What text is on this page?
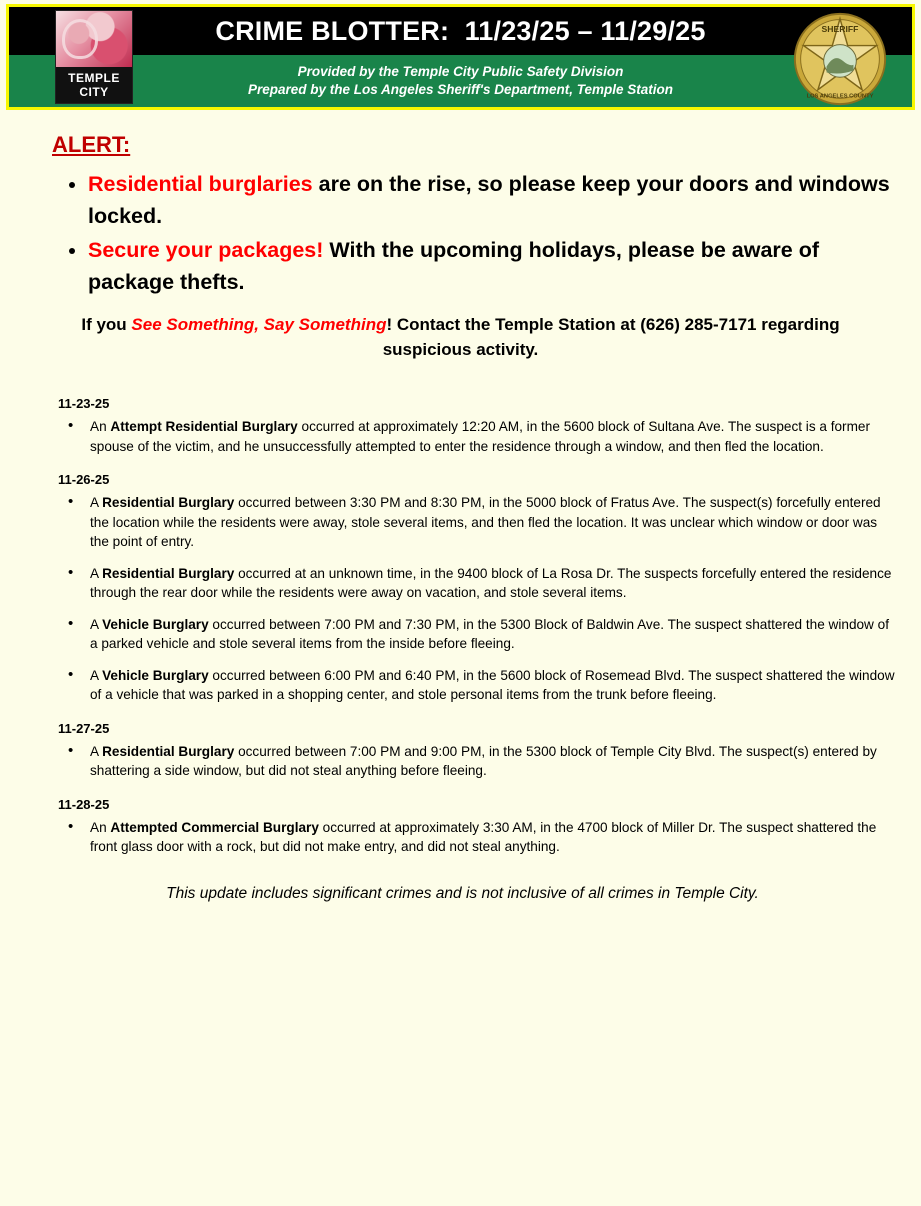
CRIME BLOTTER:  11/23/25 – 11/29/25
Provided by the Temple City Public Safety Division
Prepared by the Los Angeles Sheriff's Department, Temple Station
TEMPLE
CITY
SHERIFF
LOS ANGELES COUNTY
ALERT:
• Residential burglaries are on the rise, so please keep your doors and windows locked.
• Secure your packages! With the upcoming holidays, please be aware of package thefts.
If you See Something, Say Something! Contact the Temple Station at (626) 285-7171 regarding suspicious activity.
11-23-25
• An Attempt Residential Burglary occurred at approximately 12:20 AM, in the 5600 block of Sultana Ave. The suspect is a former spouse of the victim, and he unsuccessfully attempted to enter the residence through a window, and then fled the location.
11-26-25
• A Residential Burglary occurred between 3:30 PM and 8:30 PM, in the 5000 block of Fratus Ave. The suspect(s) forcefully entered the location while the residents were away, stole several items, and then fled the location. It was unclear which window or door was the point of entry.
• A Residential Burglary occurred at an unknown time, in the 9400 block of La Rosa Dr. The suspects forcefully entered the residence through the rear door while the residents were away on vacation, and stole several items.
• A Vehicle Burglary occurred between 7:00 PM and 7:30 PM, in the 5300 Block of Baldwin Ave. The suspect shattered the window of a parked vehicle and stole several items from the inside before fleeing.
• A Vehicle Burglary occurred between 6:00 PM and 6:40 PM, in the 5600 block of Rosemead Blvd. The suspect shattered the window of a vehicle that was parked in a shopping center, and stole personal items from the trunk before fleeing.
11-27-25
• A Residential Burglary occurred between 7:00 PM and 9:00 PM, in the 5300 block of Temple City Blvd. The suspect(s) entered by shattering a side window, but did not steal anything before fleeing.
11-28-25
• An Attempted Commercial Burglary occurred at approximately 3:30 AM, in the 4700 block of Miller Dr. The suspect shattered the front glass door with a rock, but did not make entry, and did not steal anything.
This update includes significant crimes and is not inclusive of all crimes in Temple City.
